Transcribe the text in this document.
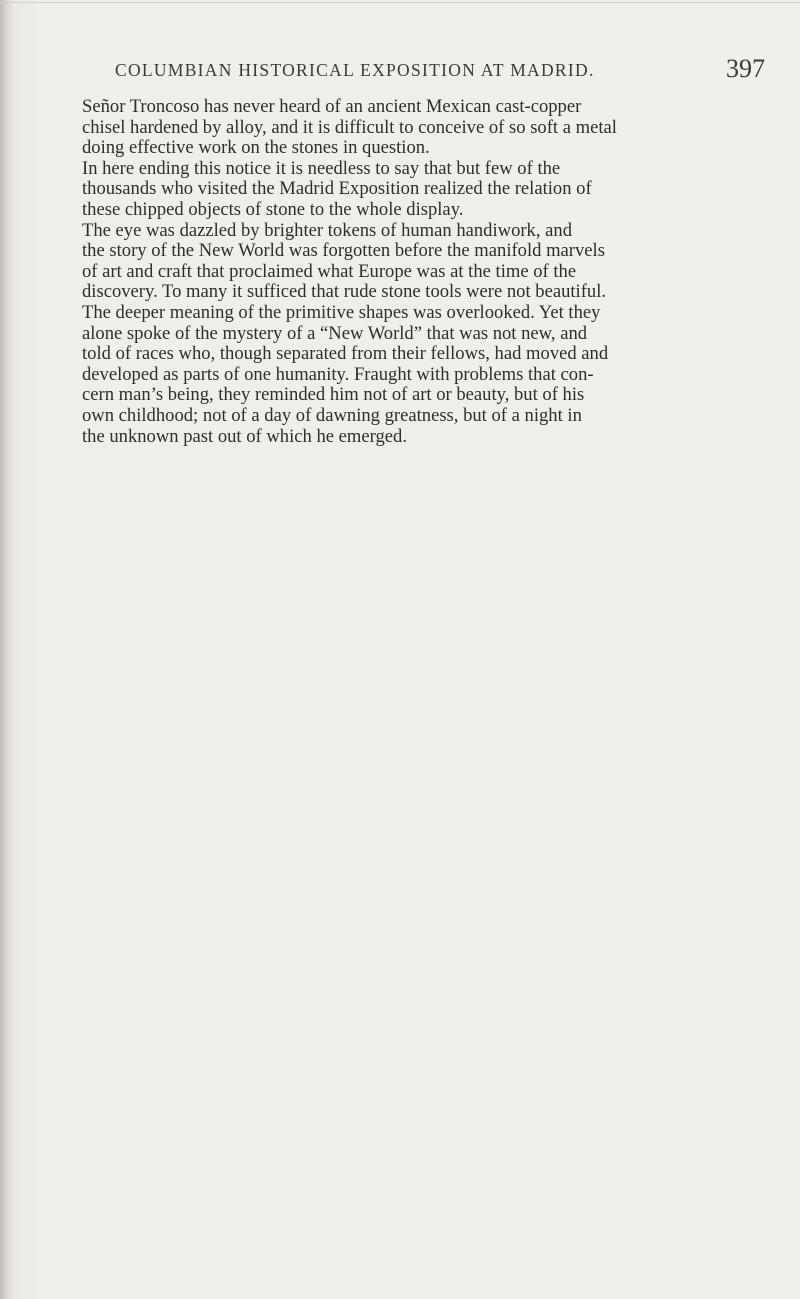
COLUMBIAN HISTORICAL EXPOSITION AT MADRID.	397
Señor Troncoso has never heard of an ancient Mexican cast-copper
chisel hardened by alloy, and it is difficult to conceive of so soft a metal
doing effective work on the stones in question.
In here ending this notice it is needless to say that but few of the
thousands who visited the Madrid Exposition realized the relation of
these chipped objects of stone to the whole display.
The eye was dazzled by brighter tokens of human handiwork, and
the story of the New World was forgotten before the manifold marvels
of art and craft that proclaimed what Europe was at the time of the
discovery. To many it sufficed that rude stone tools were not beautiful.
The deeper meaning of the primitive shapes was overlooked. Yet they
alone spoke of the mystery of a “New World” that was not new, and
told of races who, though separated from their fellows, had moved and
developed as parts of one humanity. Fraught with problems that con-
cern man’s being, they reminded him not of art or beauty, but of his
own childhood; not of a day of dawning greatness, but of a night in
the unknown past out of which he emerged.
